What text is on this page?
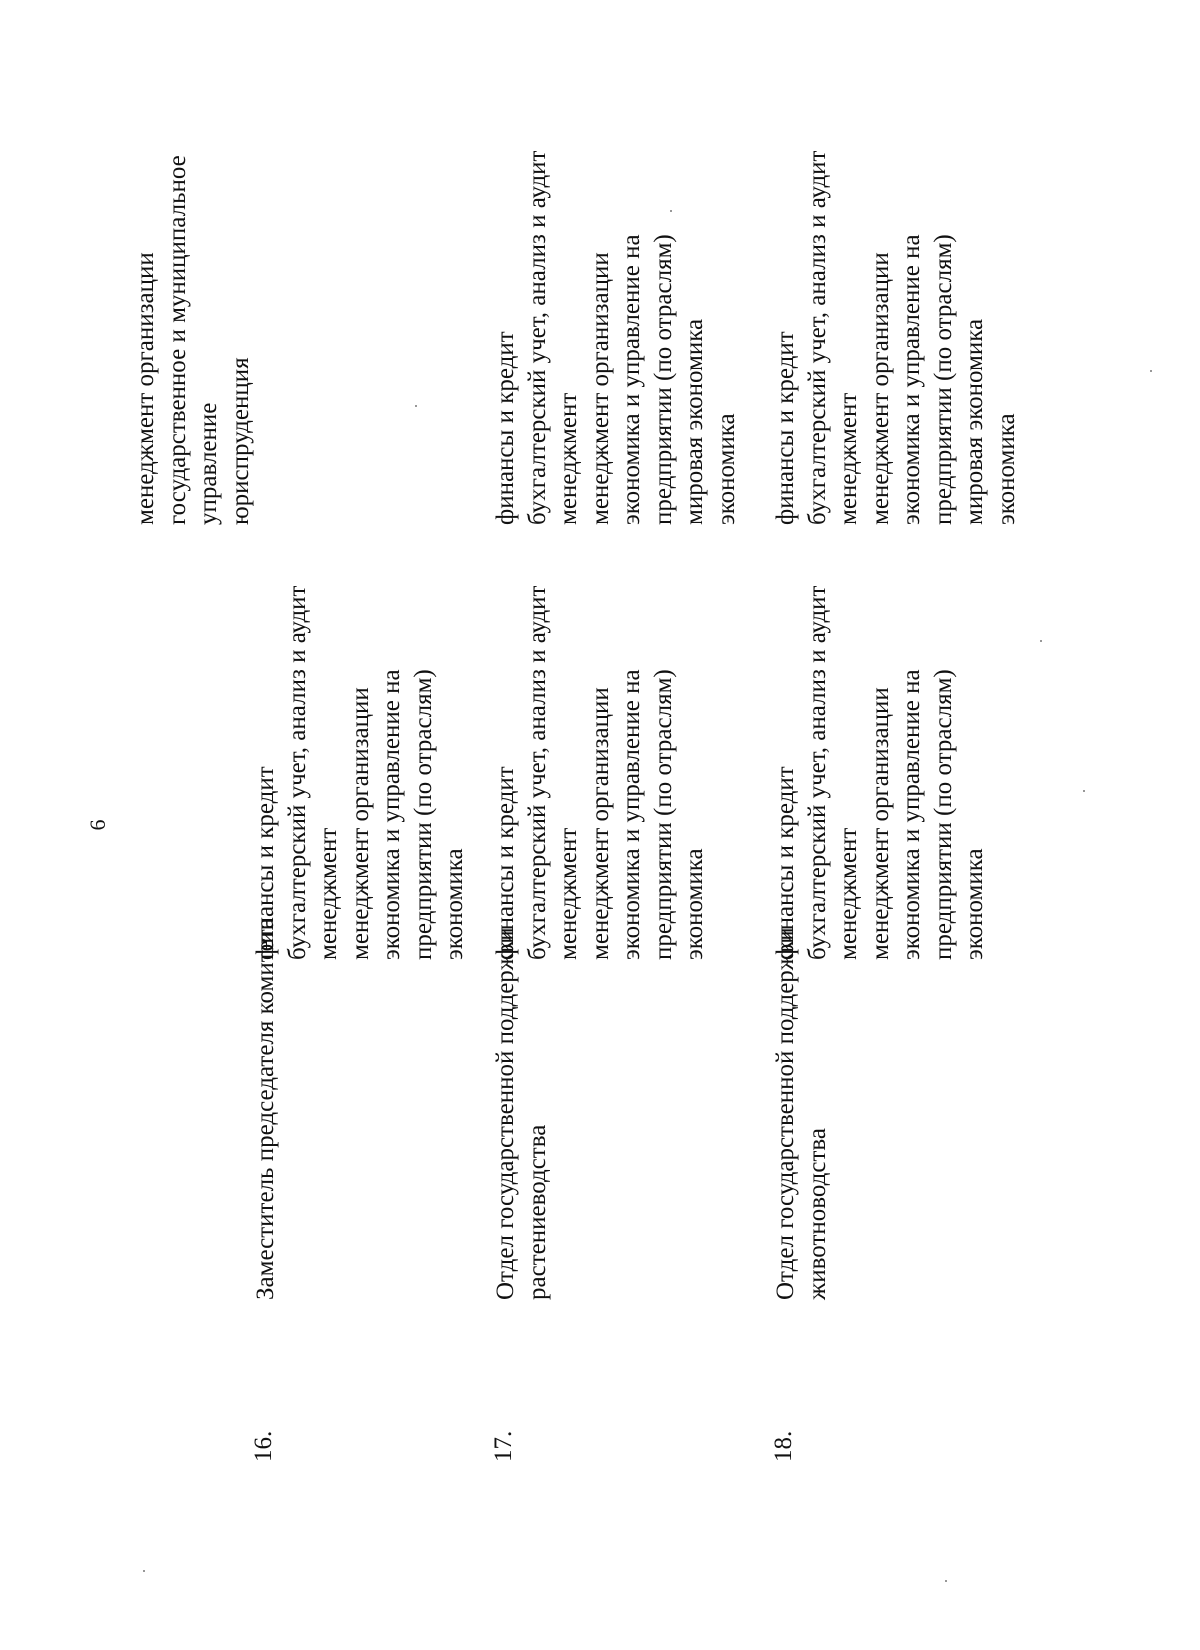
6
менеджмент организации государственное и муниципальное управление юриспруденция
16.
Заместитель председателя комитета
финансы и кредит бухгалтерский учет, анализ и аудит менеджмент менеджмент организации экономика и управление на предприятии (по отраслям) экономика
17.
Отдел государственной поддержки растениеводства
финансы и кредит бухгалтерский учет, анализ и аудит менеджмент менеджмент организации экономика и управление на предприятии (по отраслям) экономика
финансы и кредит бухгалтерский учет, анализ и аудит менеджмент менеджмент организации экономика и управление на предприятии (по отраслям) мировая экономика экономика
18.
Отдел государственной поддержки животноводства
финансы и кредит бухгалтерский учет, анализ и аудит менеджмент менеджмент организации экономика и управление на предприятии (по отраслям) экономика
финансы и кредит бухгалтерский учет, анализ и аудит менеджмент менеджмент организации экономика и управление на предприятии (по отраслям) мировая экономика экономика
